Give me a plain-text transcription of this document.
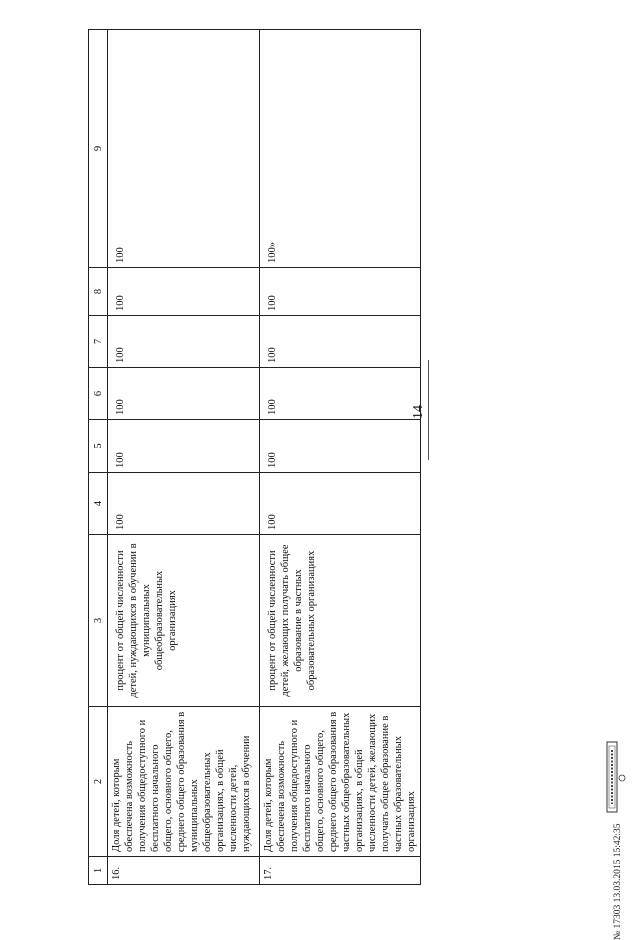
14
1	2	3	4	5	6	7	8	9
16.	Доля детей, которым обеспечена возможность получения общедоступного и бесплатного начального общего, основного общего, среднего общего образования в муниципальных общеобразовательных организациях, в общей численности детей, нуждающихся в обучении	процент от общей численности детей, нуждающихся в обучении в муниципальных общеобразовательных организациях	100	100	100	100	100	100
17.	Доля детей, которым обеспечена возможность получения общедоступного и бесплатного начального общего, основного общего, среднего общего образования в частных общеобразовательных организациях, в общей численности детей, желающих получать общее образование в частных образовательных организациях	процент от общей численности детей, желающих получать общее образование в частных образовательных организациях	100	100	100	100	100	100»
№ 17303 13.03.2015 15:42:35
